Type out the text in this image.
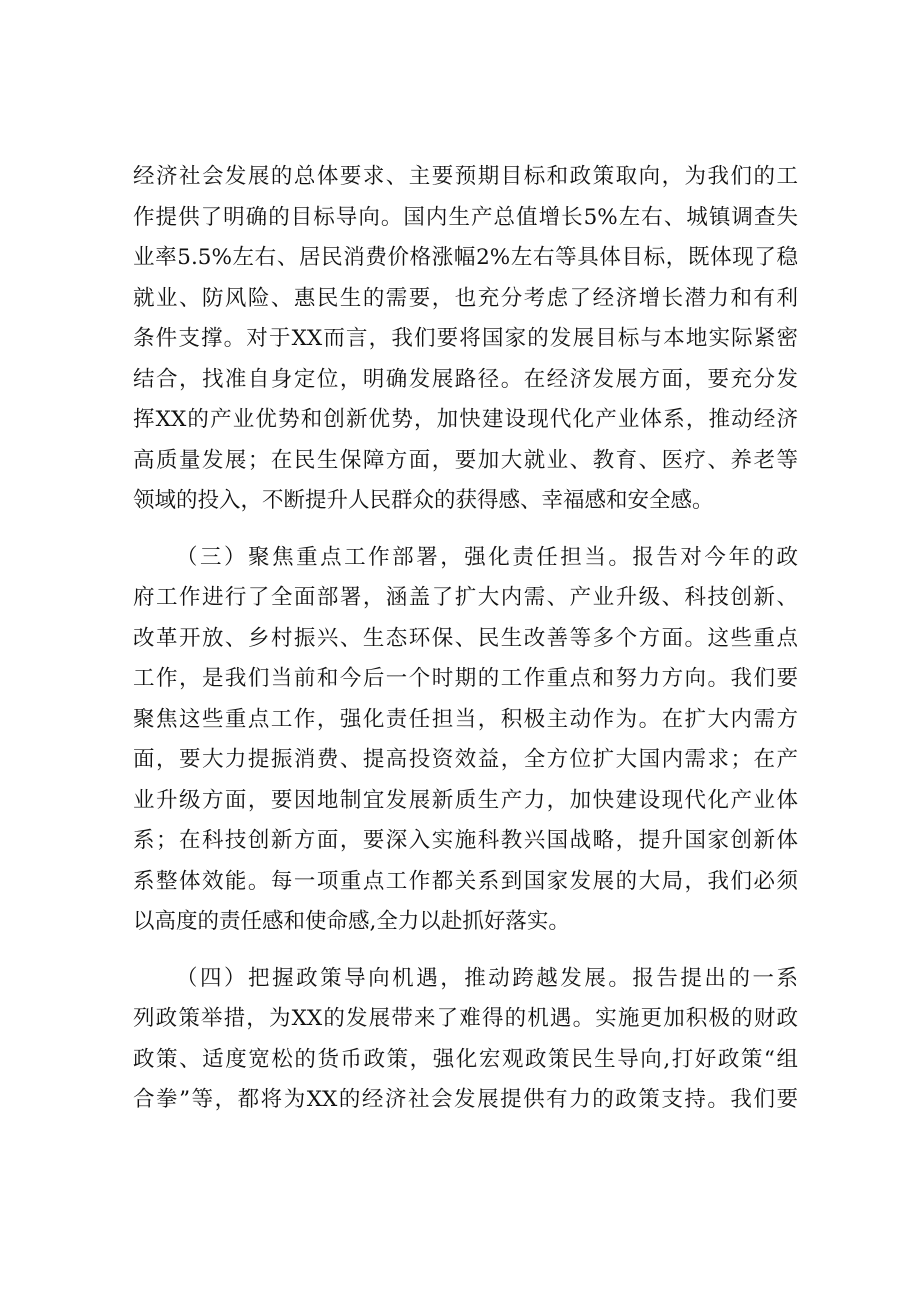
经济社会发展的总体要求、主要预期目标和政策取向，为我们的工
作提供了明确的目标导向。国内生产总值增长5%左右、城镇调查失
业率5.5%左右、居民消费价格涨幅2%左右等具体目标，既体现了稳
就业、防风险、惠民生的需要，也充分考虑了经济增长潜力和有利
条件支撑。对于XX而言，我们要将国家的发展目标与本地实际紧密
结合，找准自身定位，明确发展路径。在经济发展方面，要充分发
挥XX的产业优势和创新优势，加快建设现代化产业体系，推动经济
高质量发展；在民生保障方面，要加大就业、教育、医疗、养老等
领域的投入，不断提升人民群众的获得感、幸福感和安全感。
（三）聚焦重点工作部署，强化责任担当。报告对今年的政
府工作进行了全面部署，涵盖了扩大内需、产业升级、科技创新、
改革开放、乡村振兴、生态环保、民生改善等多个方面。这些重点
工作，是我们当前和今后一个时期的工作重点和努力方向。我们要
聚焦这些重点工作，强化责任担当，积极主动作为。在扩大内需方
面，要大力提振消费、提高投资效益，全方位扩大国内需求；在产
业升级方面，要因地制宜发展新质生产力，加快建设现代化产业体
系；在科技创新方面，要深入实施科教兴国战略，提升国家创新体
系整体效能。每一项重点工作都关系到国家发展的大局，我们必须
以高度的责任感和使命感,全力以赴抓好落实。
（四）把握政策导向机遇，推动跨越发展。报告提出的一系
列政策举措，为XX的发展带来了难得的机遇。实施更加积极的财政
政策、适度宽松的货币政策，强化宏观政策民生导向,打好政策“组
合拳”等，都将为XX的经济社会发展提供有力的政策支持。我们要
